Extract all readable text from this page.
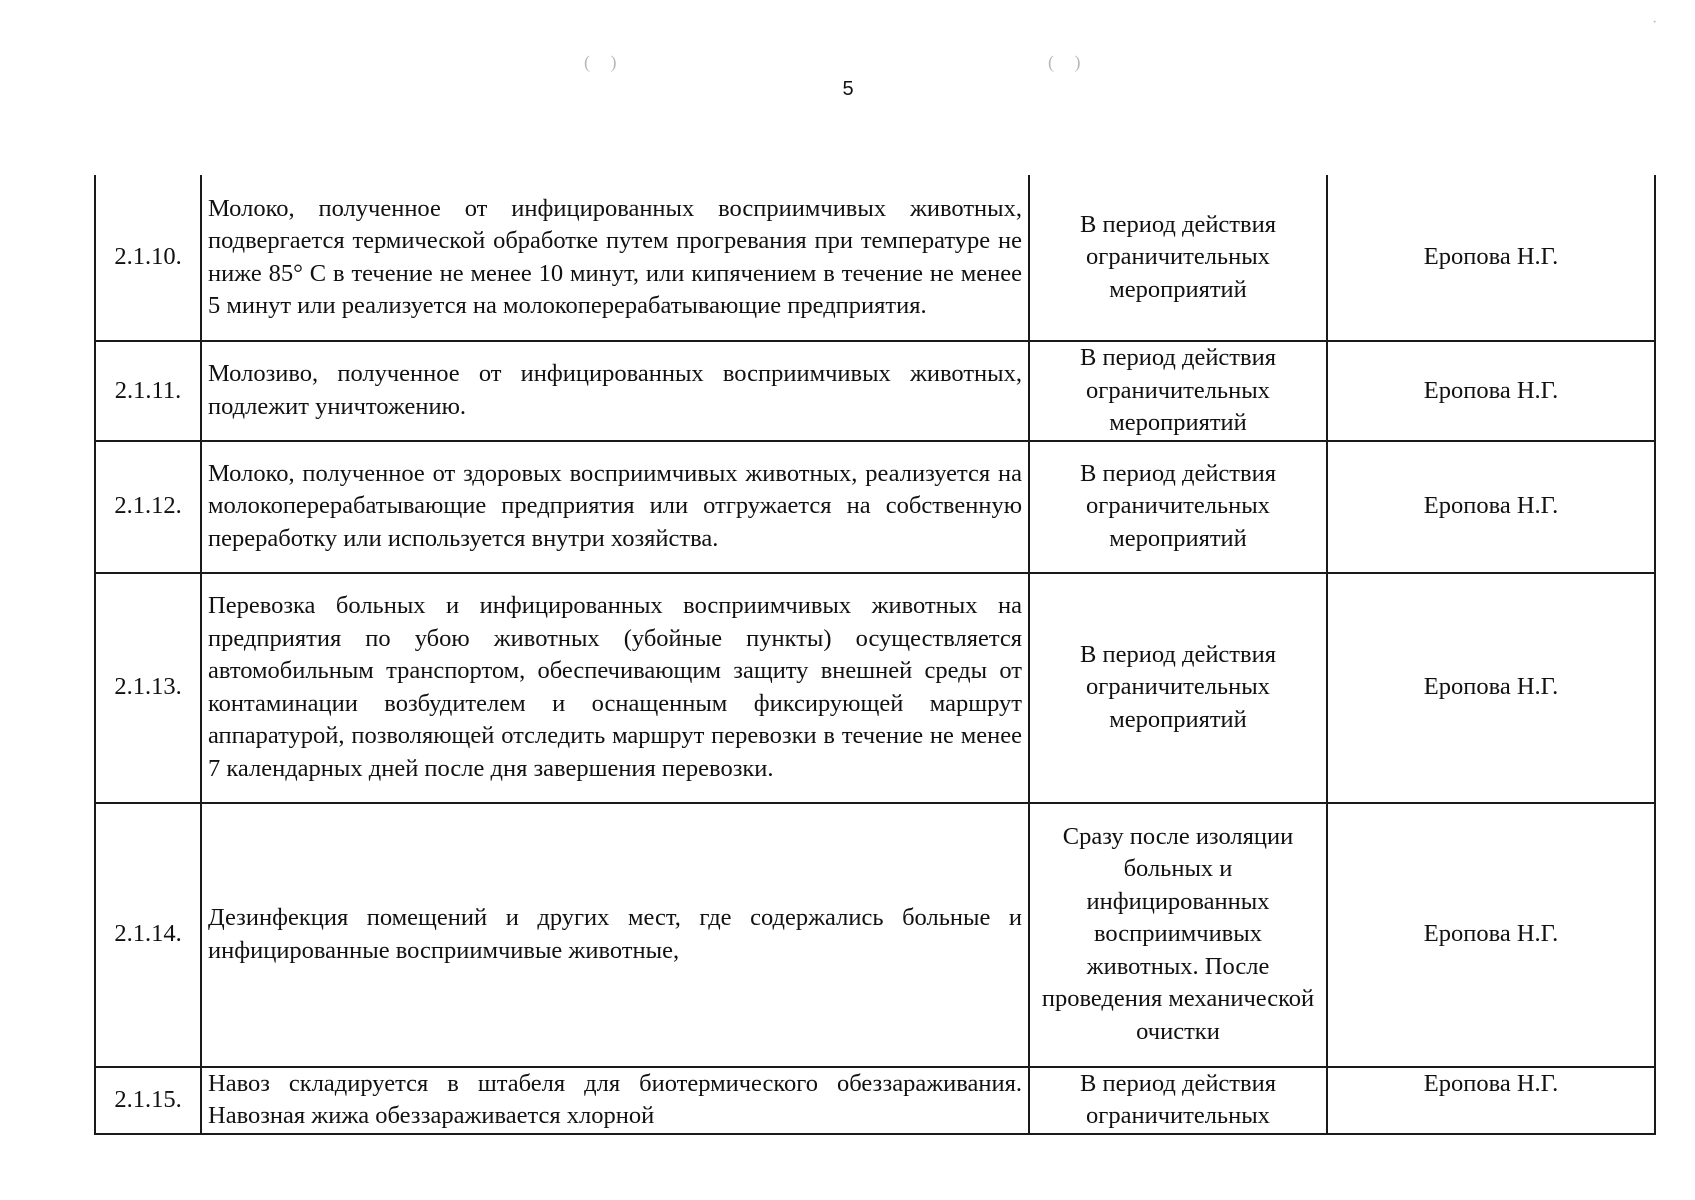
( )	( )
·
5
2.1.10.	Молоко, полученное от инфицированных восприимчивых животных, подвергается термической обработке путем прогревания при температуре не ниже 85° С в течение не менее 10 минут, или кипячением в течение не менее 5 минут или реализуется на молокоперерабатывающие предприятия.	В период действия ограничительных мероприятий	Еропова Н.Г.
2.1.11.	Молозиво, полученное от инфицированных восприимчивых животных, подлежит уничтожению.	В период действия ограничительных мероприятий	Еропова Н.Г.
2.1.12.	Молоко, полученное от здоровых восприимчивых животных, реализуется на молокоперерабатывающие предприятия или отгружается на собственную переработку или используется внутри хозяйства.	В период действия ограничительных мероприятий	Еропова Н.Г.
2.1.13.	Перевозка больных и инфицированных восприимчивых животных на предприятия по убою животных (убойные пункты) осуществляется автомобильным транспортом, обеспечивающим защиту внешней среды от контаминации возбудителем и оснащенным фиксирующей маршрут аппаратурой, позволяющей отследить маршрут перевозки в течение не менее 7 календарных дней после дня завершения перевозки.	В период действия ограничительных мероприятий	Еропова Н.Г.
2.1.14.	Дезинфекция помещений и других мест, где содержались больные и инфицированные восприимчивые животные,	Сразу после изоляции больных и инфицированных восприимчивых животных. После проведения механической очистки	Еропова Н.Г.
2.1.15.	Навоз складируется в штабеля для биотермического обеззараживания. Навозная жижа обеззараживается хлорной	В период действия ограничительных	Еропова Н.Г.
